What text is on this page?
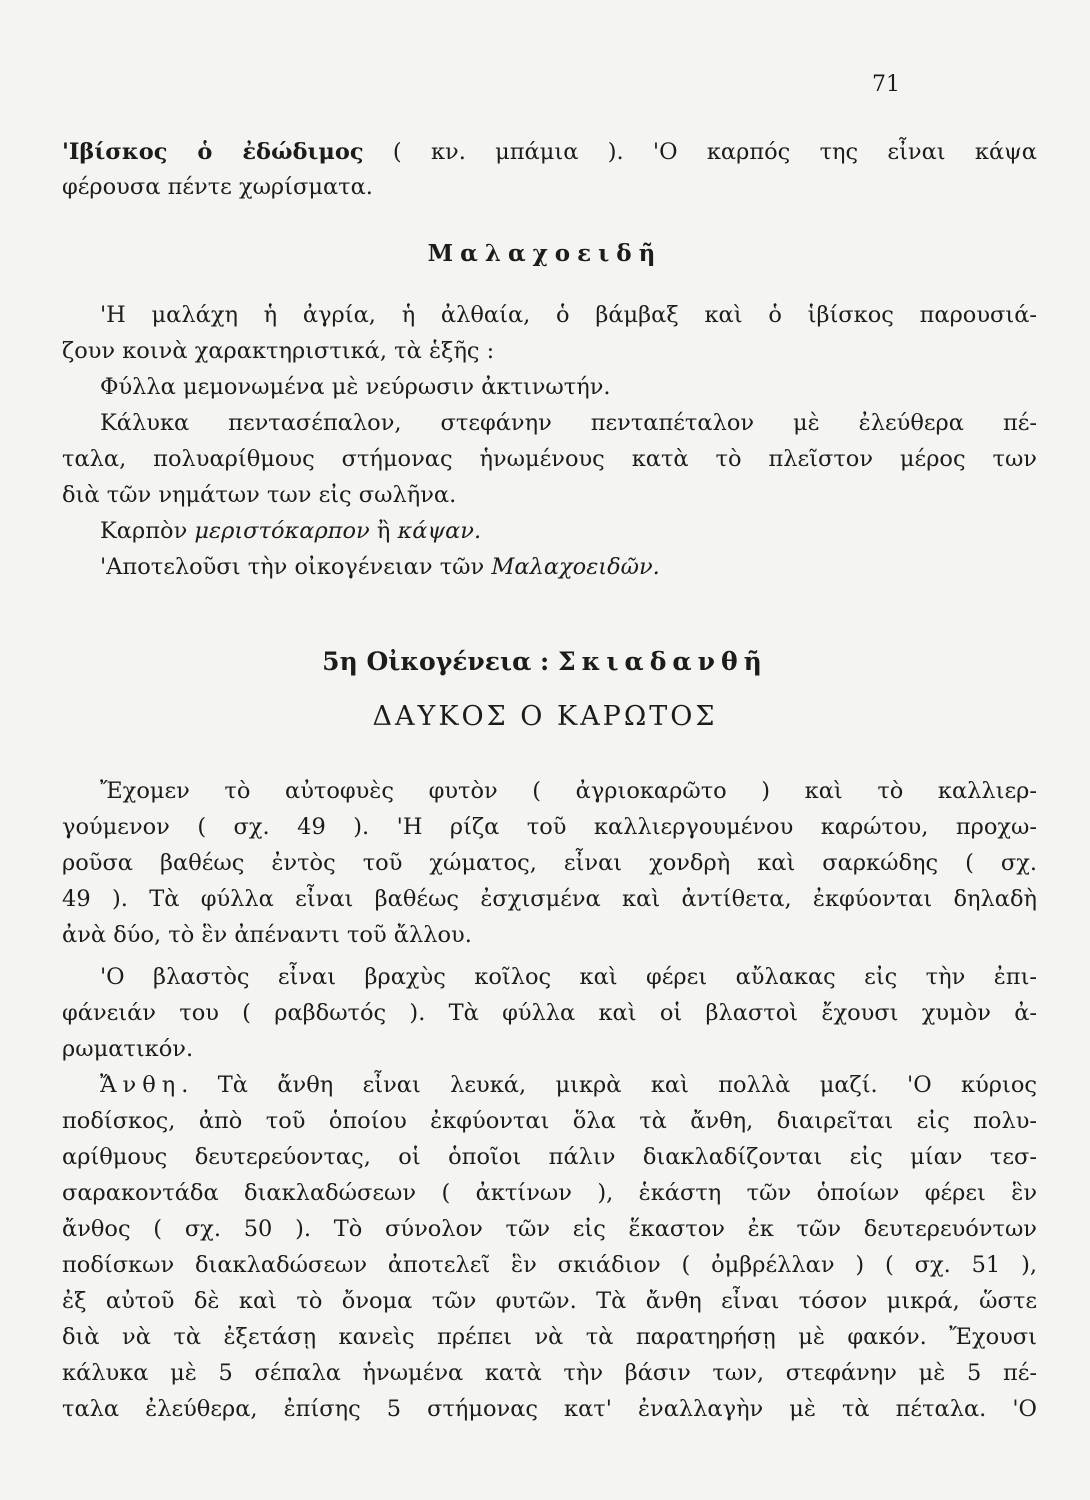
71
'Ιβίσκος ὁ ἐδώδιμος ( κν. μπάμια ). 'Ο καρπός της εἶναι κάψα
φέρουσα πέντε χωρίσματα.
Μαλαχοειδῆ
'Η μαλάχη ἡ ἀγρία, ἡ ἀλθαία, ὁ βάμβαξ καὶ ὁ ἱβίσκος παρουσιά-
ζουν κοινὰ χαρακτηριστικά, τὰ ἑξῆς :
Φύλλα μεμονωμένα μὲ νεύρωσιν ἀκτινωτήν.
Κάλυκα πεντασέπαλον, στεφάνην πενταπέταλον μὲ ἐλεύθερα πέ-
ταλα, πολυαρίθμους στήμονας ἡνωμένους κατὰ τὸ πλεῖστον μέρος των
διὰ τῶν νημάτων των εἰς σωλῆνα.
Καρπὸν μεριστόκαρπον ἢ κάψαν.
'Αποτελοῦσι τὴν οἰκογένειαν τῶν Μαλαχοειδῶν.
5η Οἰκογένεια : Σκιαδανθῆ
ΔΑΥΚΟΣ Ο ΚΑΡΩΤΟΣ
Ἔχομεν τὸ αὐτοφυὲς φυτὸν ( ἀγριοκαρῶτο ) καὶ τὸ καλλιερ-
γούμενον ( σχ. 49 ). 'Η ρίζα τοῦ καλλιεργουμένου καρώτου, προχω-
ροῦσα βαθέως ἐντὸς τοῦ χώματος, εἶναι χονδρὴ καὶ σαρκώδης ( σχ.
49 ). Τὰ φύλλα εἶναι βαθέως ἐσχισμένα καὶ ἀντίθετα, ἐκφύονται δηλαδὴ
ἀνὰ δύο, τὸ ἓν ἀπέναντι τοῦ ἄλλου.
'Ο βλαστὸς εἶναι βραχὺς κοῖλος καὶ φέρει αὔλακας εἰς τὴν ἐπι-
φάνειάν του ( ραβδωτός ). Τὰ φύλλα καὶ οἱ βλαστοὶ ἔχουσι χυμὸν ἀ-
ρωματικόν.
Ἄνθη. Τὰ ἄνθη εἶναι λευκά, μικρὰ καὶ πολλὰ μαζί. 'Ο κύριος
ποδίσκος, ἀπὸ τοῦ ὁποίου ἐκφύονται ὅλα τὰ ἄνθη, διαιρεῖται εἰς πολυ-
αρίθμους δευτερεύοντας, οἱ ὁποῖοι πάλιν διακλαδίζονται εἰς μίαν τεσ-
σαρακοντάδα διακλαδώσεων ( ἀκτίνων ), ἑκάστη τῶν ὁποίων φέρει ἓν
ἄνθος ( σχ. 50 ). Τὸ σύνολον τῶν εἰς ἕκαστον ἐκ τῶν δευτερευόντων
ποδίσκων διακλαδώσεων ἀποτελεῖ ἓν σκιάδιον ( ὀμβρέλλαν ) ( σχ. 51 ),
ἐξ αὐτοῦ δὲ καὶ τὸ ὄνομα τῶν φυτῶν. Τὰ ἄνθη εἶναι τόσον μικρά, ὥστε
διὰ νὰ τὰ ἐξετάσῃ κανεὶς πρέπει νὰ τὰ παρατηρήσῃ μὲ φακόν. Ἔχουσι
κάλυκα μὲ 5 σέπαλα ἡνωμένα κατὰ τὴν βάσιν των, στεφάνην μὲ 5 πέ-
ταλα ἐλεύθερα, ἐπίσης 5 στήμονας κατ' ἐναλλαγὴν μὲ τὰ πέταλα. 'Ο
